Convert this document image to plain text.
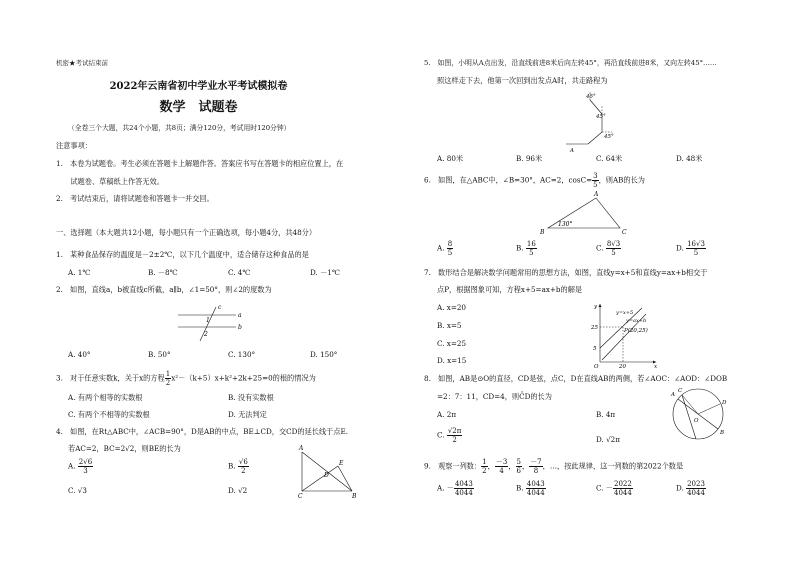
机密★考试结束前
2022年云南省初中学业水平考试模拟卷
数学　试题卷
（全卷三个大题，共24个小题，共8页；满分120分，考试用时120分钟）
注意事项：
1.　本卷为试题卷。考生必须在答题卡上解题作答。答案应书写在答题卡的相应位置上，在
　　试题卷、草稿纸上作答无效。
2.　考试结束后，请将试题卷和答题卡一并交回。
一、选择题（本大题共12小题，每小题只有一个正确选项，每小题4分，共48分）
1.　某种食品保存的温度是－2±2℃，以下几个温度中，适合储存这种食品的是
A. 1℃	B. －8℃	C. 4℃	D. －1℃
2.　如图，直线a，b被直线c所截，a∥b，∠1=50°，则∠2的度数为
1
2
a
b
c
A. 40°	B. 50°	C. 130°	D. 150°
3.　对于任意实数k，关于x的方程 $\frac{1}{2} x^2-(k+5)x+k^2+2k+25=0$的根的情况为
A. 有两个相等的实数根	B. 没有实数根
C. 有两个不相等的实数根	D. 无法判定
4.　如图，在Rt△ABC中，∠ACB=90°，D是AB的中点，BE⊥CD，交CD的延长线于点E.
若AC=2，BC=2√2，则BE的长为
A. $\frac{2√6}{3}$	B. $\frac{√6}{2}$
C. √3	D. √2
A
B
C
D
E
5.　如图，小明从A点出发，沿直线前进8米后向左转45°，再沿直线前进8米，又向左转45°……
照这样走下去，他第一次回到出发点A时，共走路程为
45°
45°
45°
A
A. 80米	B. 96米	C. 64米	D. 48米
6.　如图，在△ABC中，∠B=30°，AC=2，$\cos C= \frac{3}{5}$ ，则AB的长为
A
B	C
130°
A. $\frac{8}{5}$	B. $\frac{16}{5}$	C. $\frac{8√3}{5}$	D. $\frac{16√3}{5}$
7.　数形结合是解决数学问题常用的思想方法，如图，直线y=x+5和直线y=ax+b相交于
点P，根据图象可知，方程x+5=ax+b的解是
A. x=20
B. x=5
C. x=25
D. x=15
y
x
O
y=x+5
y=ax+b
P(20,25)
25
5
20
8.　如图，AB是⊙O的直径，CD是弦，点C，D在直线AB的两侧，若∠AOC：∠AOD：∠DOB
=2：7：11，CD=4，则C̑D的长为
A. 2π	B. 4π
C. $\frac{√2\pi}{2}$	D. √2π
A
B
C
D
O
9.　观察一列数： $\frac{1}{2}$ ， $\frac{-3}{4}$ ， $\frac{5}{6}$ ， $\frac{-7}{8}$ ，…，按此规律，这一列数的第2022个数是
A. － $\frac{4043}{4044}$	B. $\frac{4043}{4044}$	C. － $\frac{2022}{4044}$	D. $\frac{2023}{4044}$
